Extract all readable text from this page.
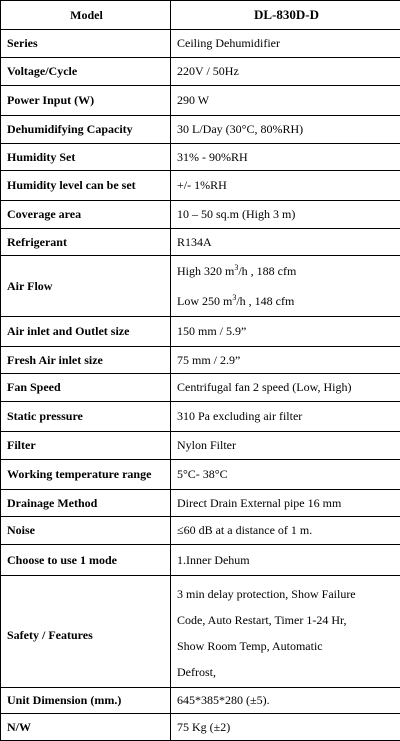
Model	DL-830D-D
Series	Ceiling Dehumidifier
Voltage/Cycle	220V / 50Hz
Power Input (W)	290 W
Dehumidifying Capacity	30 L/Day (30°C, 80%RH)
Humidity Set	31% - 90%RH
Humidity level can be set	+/- 1%RH
Coverage area	10 – 50 sq.m (High 3 m)
Refrigerant	R134A
Air Flow	High 320 $m^3/h$ , 188 cfm
Low 250 $m^3/h$ , 148 cfm

Air inlet and Outlet size	150 mm / 5.9”
Fresh Air inlet size	75 mm / 2.9”
Fan Speed	Centrifugal fan 2 speed (Low, High)
Static pressure	310 Pa excluding air filter
Filter	Nylon Filter
Working temperature range	5°C- 38°C
Drainage Method	Direct Drain External pipe 16 mm
Noise	≤60 dB at a distance of 1 m.
Choose to use 1 mode	1.Inner Dehum
Safety / Features	3 min delay protection, Show Failure
Code, Auto Restart, Timer 1-24 Hr,
Show Room Temp, Automatic
Defrost,

Unit Dimension (mm.)	645*385*280 (±5).
N/W	75 Kg (±2)
